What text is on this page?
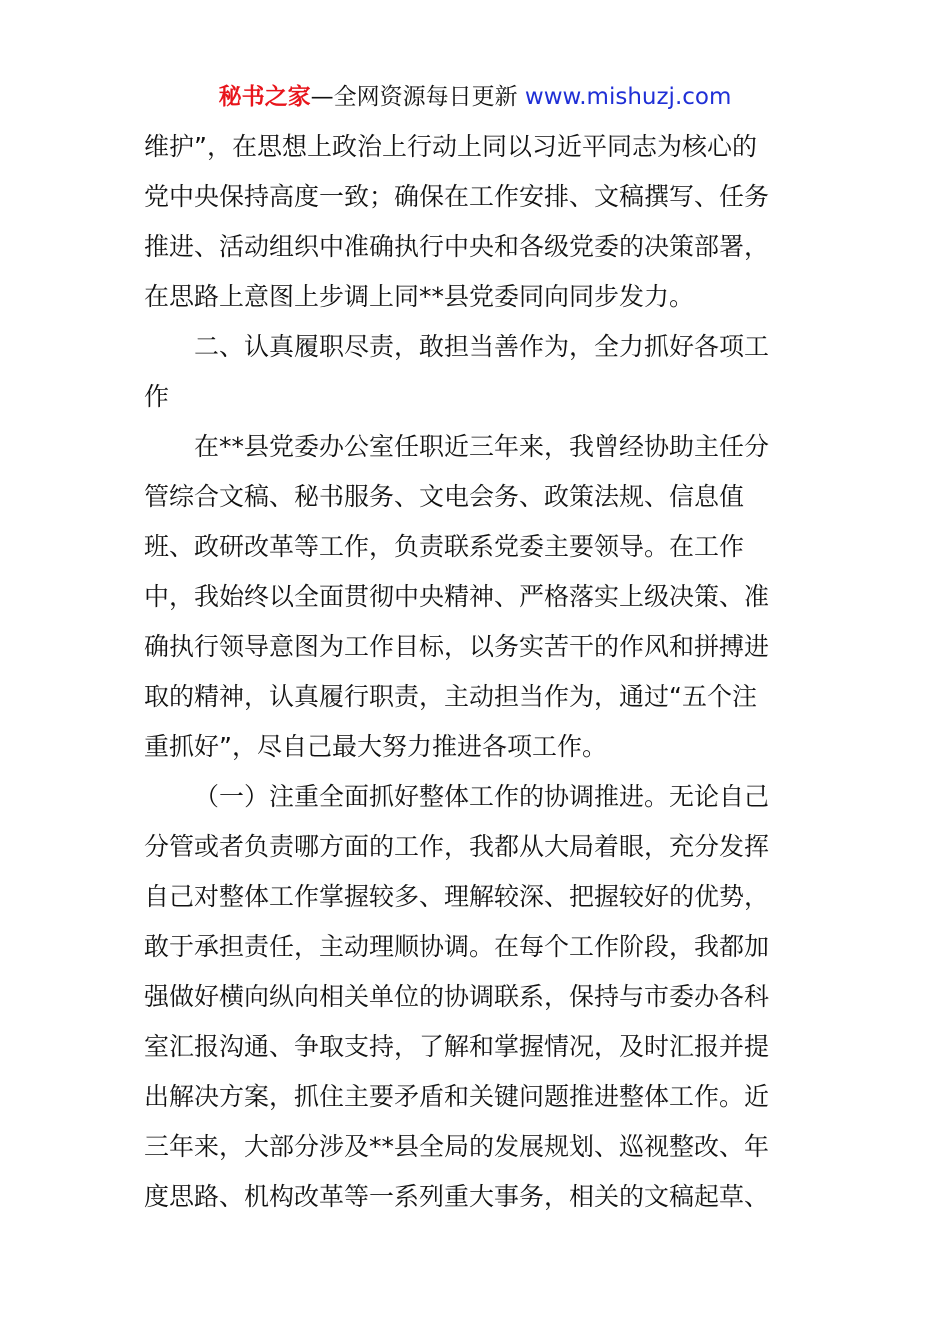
秘书之家—全网资源每日更新 www.mishuzj.com
维护”，在思想上政治上行动上同以习近平同志为核心的
党中央保持高度一致；确保在工作安排、文稿撰写、任务
推进、活动组织中准确执行中央和各级党委的决策部署，
在思路上意图上步调上同**县党委同向同步发力。
二、认真履职尽责，敢担当善作为，全力抓好各项工
作
在**县党委办公室任职近三年来，我曾经协助主任分
管综合文稿、秘书服务、文电会务、政策法规、信息值
班、政研改革等工作，负责联系党委主要领导。在工作
中，我始终以全面贯彻中央精神、严格落实上级决策、准
确执行领导意图为工作目标，以务实苦干的作风和拼搏进
取的精神，认真履行职责，主动担当作为，通过“五个注
重抓好”，尽自己最大努力推进各项工作。
（一）注重全面抓好整体工作的协调推进。无论自己
分管或者负责哪方面的工作，我都从大局着眼，充分发挥
自己对整体工作掌握较多、理解较深、把握较好的优势，
敢于承担责任，主动理顺协调。在每个工作阶段，我都加
强做好横向纵向相关单位的协调联系，保持与市委办各科
室汇报沟通、争取支持，了解和掌握情况，及时汇报并提
出解决方案，抓住主要矛盾和关键问题推进整体工作。近
三年来，大部分涉及**县全局的发展规划、巡视整改、年
度思路、机构改革等一系列重大事务，相关的文稿起草、
